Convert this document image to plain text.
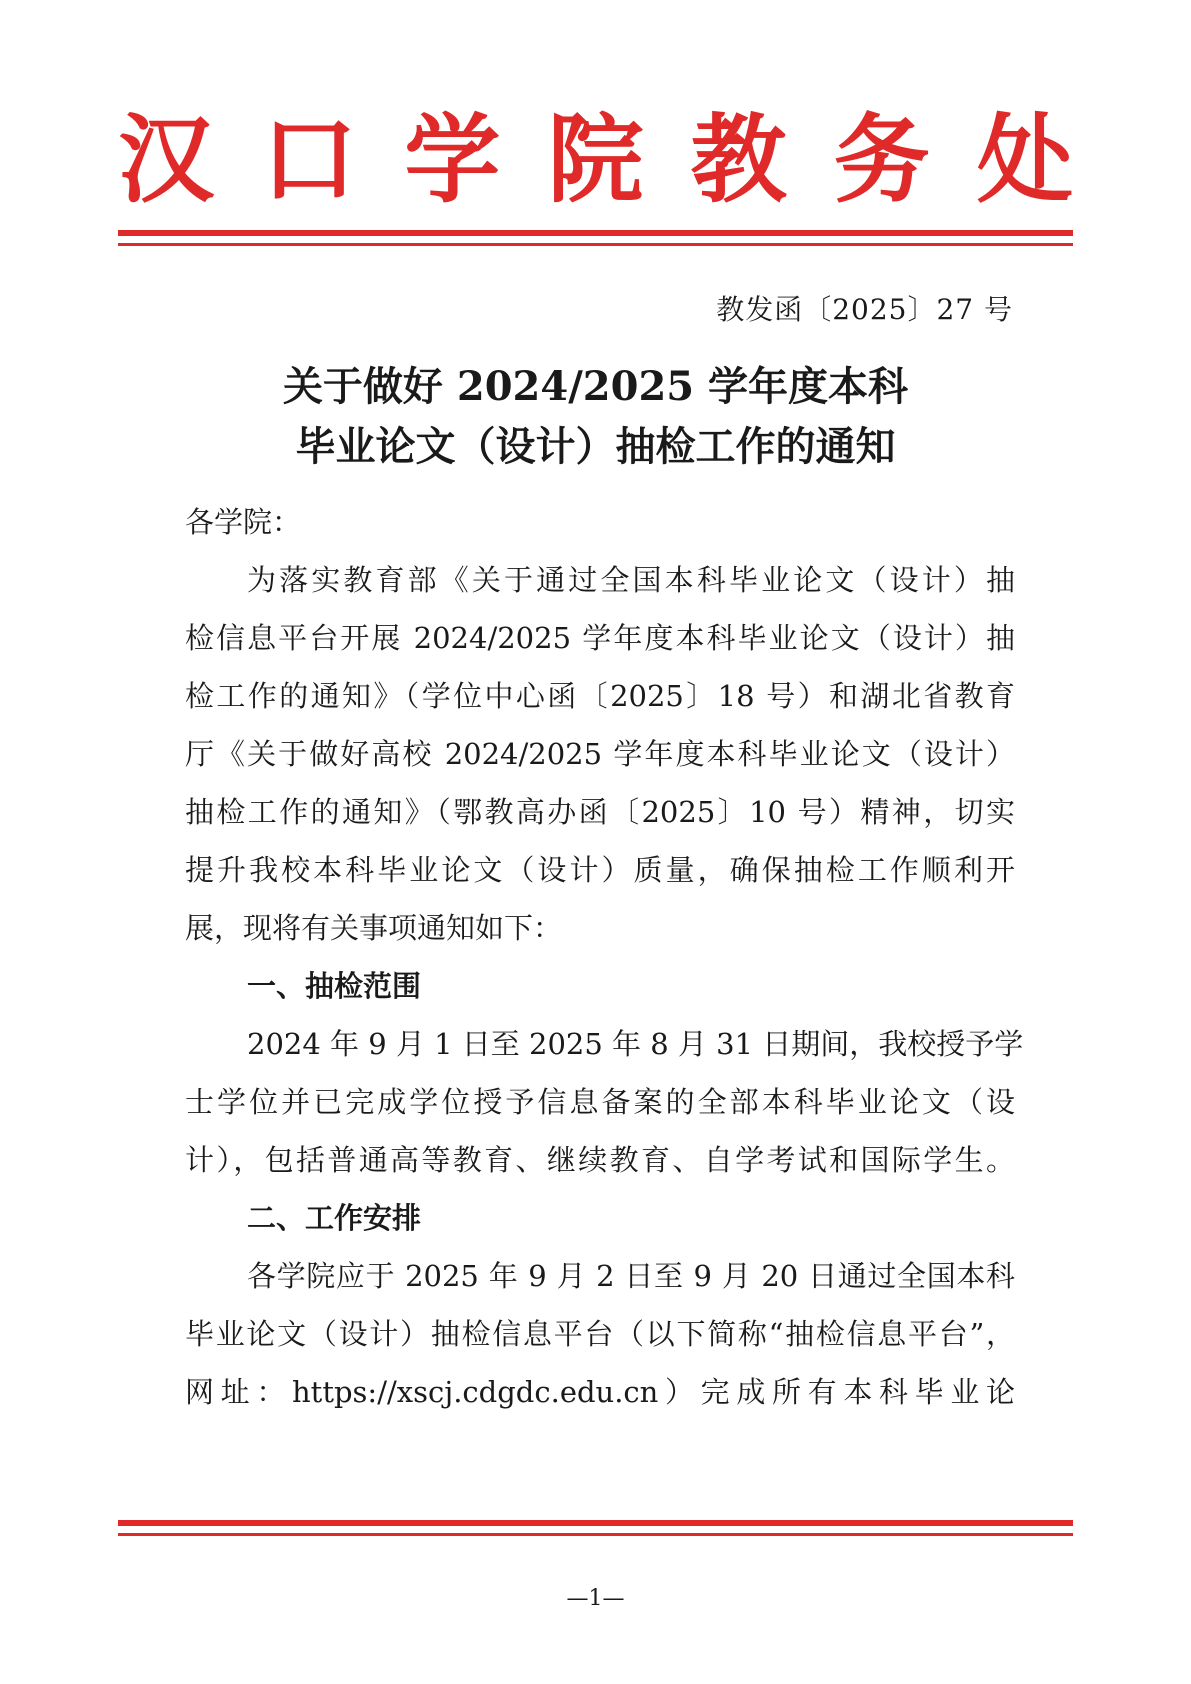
汉 口 学 院 教 务 处
教发函〔2025〕27 号
关于做好 2024/2025 学年度本科
毕业论文（设计）抽检工作的通知
各学院：
为落实教育部《关于通过全国本科毕业论文（设计）抽
检信息平台开展 2024/2025 学年度本科毕业论文（设计）抽
检工作的通知》（学位中心函〔2025〕18 号）和湖北省教育
厅《关于做好高校 2024/2025 学年度本科毕业论文（设计）
抽检工作的通知》（鄂教高办函〔2025〕10 号）精神，切实
提升我校本科毕业论文（设计）质量，确保抽检工作顺利开
展，现将有关事项通知如下：
一、抽检范围
2024 年 9 月 1 日至 2025 年 8 月 31 日期间，我校授予学
士学位并已完成学位授予信息备案的全部本科毕业论文（设
计），包括普通高等教育、继续教育、自学考试和国际学生。
二、工作安排
各学院应于 2025 年 9 月 2 日至 9 月 20 日通过全国本科
毕业论文（设计）抽检信息平台（以下简称“抽检信息平台”，
网址：https://xscj.cdgdc.edu.cn）完成所有本科毕业论
—1—
